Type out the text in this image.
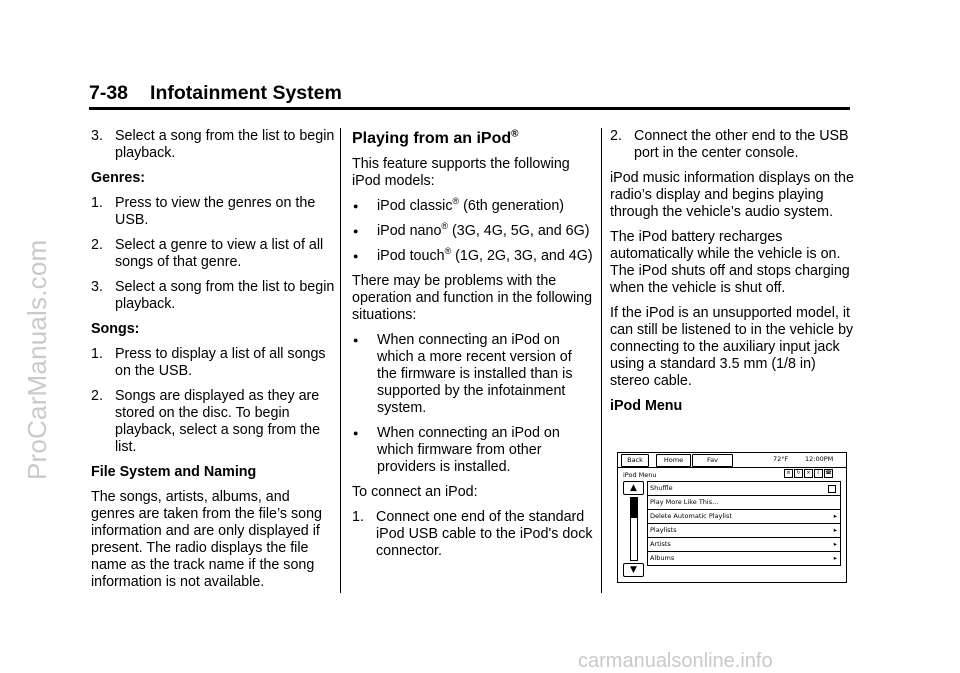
ProCarManuals.com
carmanualsonline.info
7-38 Infotainment System
3. Select a song from the list to begin playback.

Genres:

1. Press to view the genres on the USB.
2. Select a genre to view a list of all songs of that genre.
3. Select a song from the list to begin playback.

Songs:

1. Press to display a list of all songs on the USB.
2. Songs are displayed as they are stored on the disc. To begin playback, select a song from the list.

File System and Naming

The songs, artists, albums, and genres are taken from the file’s song information and are only displayed if present. The radio displays the file name as the track name if the song information is not available.

Playing from an iPod®

This feature supports the following iPod models:

●	iPod classic® (6th generation)
●	iPod nano® (3G, 4G, 5G, and 6G)
●	iPod touch® (1G, 2G, 3G, and 4G)

There may be problems with the operation and function in the following situations:

●	When connecting an iPod on which a more recent version of the firmware is installed than is supported by the infotainment system.
●	When connecting an iPod on which firmware from other providers is installed.

To connect an iPod:

1. Connect one end of the standard iPod USB cable to the iPod's dock connector.
2. Connect the other end to the USB port in the center console.

iPod music information displays on the radio’s display and begins playing through the vehicle’s audio system.

The iPod battery recharges automatically while the vehicle is on. The iPod shuts off and stops charging when the vehicle is shut off.

If the iPod is an unsupported model, it can still be listened to in the vehicle by connecting to the auxiliary input jack using a standard 3.5 mm (1/8 in) stereo cable.

iPod Menu

Back	Home	Fav	72°F	12:00PM
iPod Menu	≡	↻	×	ᛒ	☎
▲
▼
Shuffle
Play More Like This...
Delete Automatic Playlist	▸
Playlists	▸
Artists	▸
Albums	▸
